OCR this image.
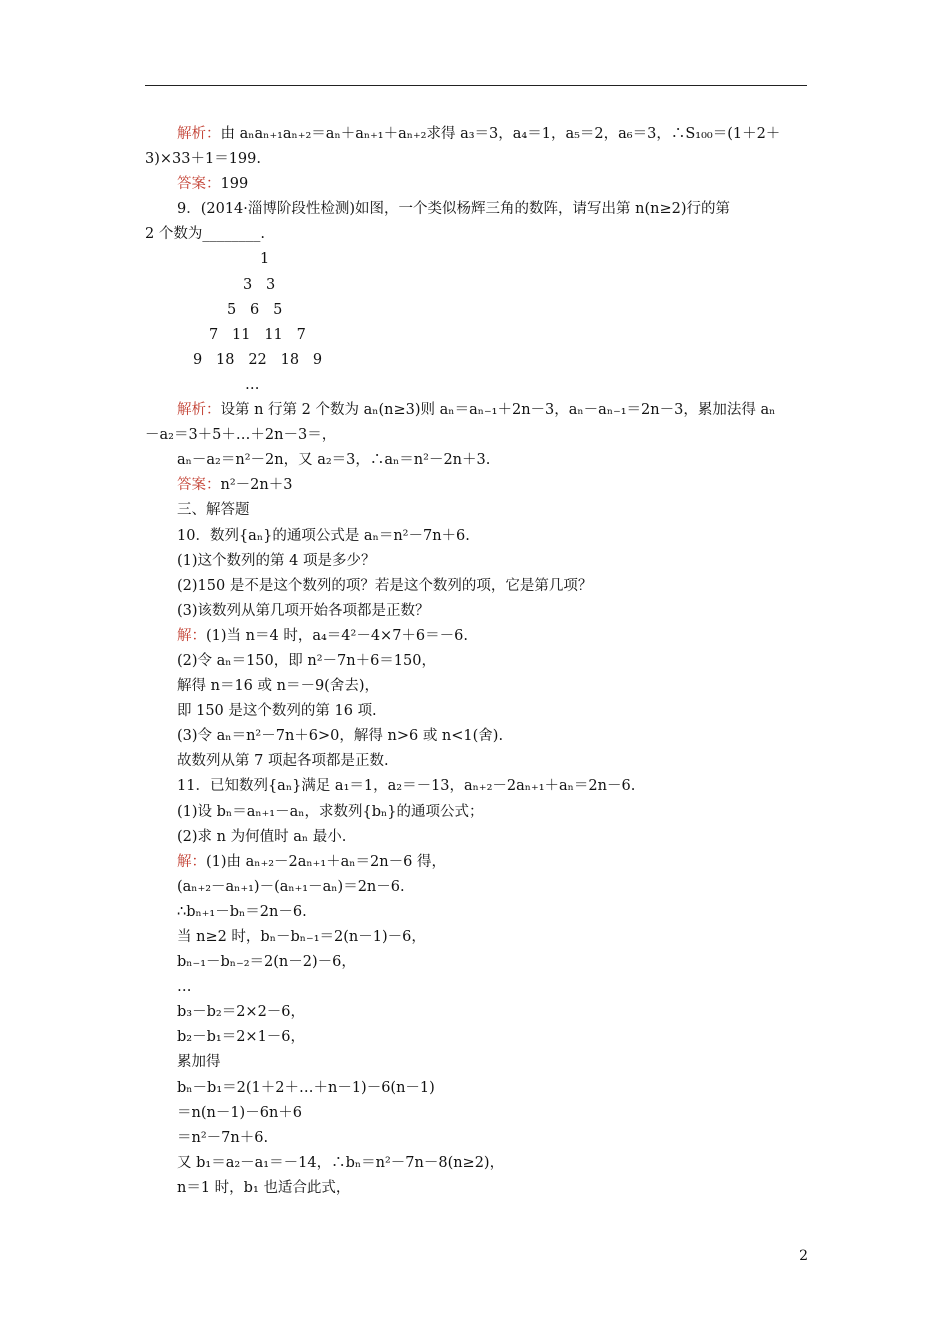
解析：由 aₙaₙ₊₁aₙ₊₂＝aₙ＋aₙ₊₁＋aₙ₊₂求得 a₃＝3，a₄＝1，a₅＝2，a₆＝3，∴S₁₀₀＝(1＋2＋
3)×33＋1＝199.
答案：199
9．(2014·淄博阶段性检测)如图，一个类似杨辉三角的数阵，请写出第 n(n≥2)行的第
2 个数为________.
1
3   3
5   6   5
7   11   11   7
9   18   22   18   9
…
解析：设第 n 行第 2 个数为 aₙ(n≥3)则 aₙ＝aₙ₋₁＋2n－3，aₙ－aₙ₋₁＝2n－3，累加法得 aₙ
－a₂＝3＋5＋…＋2n－3＝，
aₙ－a₂＝n²－2n，又 a₂＝3，∴aₙ＝n²－2n＋3.
答案：n²－2n＋3
三、解答题
10．数列{aₙ}的通项公式是 aₙ＝n²－7n＋6.
(1)这个数列的第 4 项是多少？
(2)150 是不是这个数列的项？若是这个数列的项，它是第几项？
(3)该数列从第几项开始各项都是正数？
解：(1)当 n＝4 时，a₄＝4²－4×7＋6＝－6.
(2)令 aₙ＝150，即 n²－7n＋6＝150，
解得 n＝16 或 n＝－9(舍去)，
即 150 是这个数列的第 16 项.
(3)令 aₙ＝n²－7n＋6>0，解得 n>6 或 n<1(舍).
故数列从第 7 项起各项都是正数.
11．已知数列{aₙ}满足 a₁＝1，a₂＝－13，aₙ₊₂－2aₙ₊₁＋aₙ＝2n－6.
(1)设 bₙ＝aₙ₊₁－aₙ，求数列{bₙ}的通项公式；
(2)求 n 为何值时 aₙ 最小.
解：(1)由 aₙ₊₂－2aₙ₊₁＋aₙ＝2n－6 得，
(aₙ₊₂－aₙ₊₁)－(aₙ₊₁－aₙ)＝2n－6.
∴bₙ₊₁－bₙ＝2n－6.
当 n≥2 时，bₙ－bₙ₋₁＝2(n－1)－6，
bₙ₋₁－bₙ₋₂＝2(n－2)－6，
…
b₃－b₂＝2×2－6，
b₂－b₁＝2×1－6，
累加得
bₙ－b₁＝2(1＋2＋…＋n－1)－6(n－1)
＝n(n－1)－6n＋6
＝n²－7n＋6.
又 b₁＝a₂－a₁＝－14，∴bₙ＝n²－7n－8(n≥2)，
n＝1 时，b₁ 也适合此式，
2
